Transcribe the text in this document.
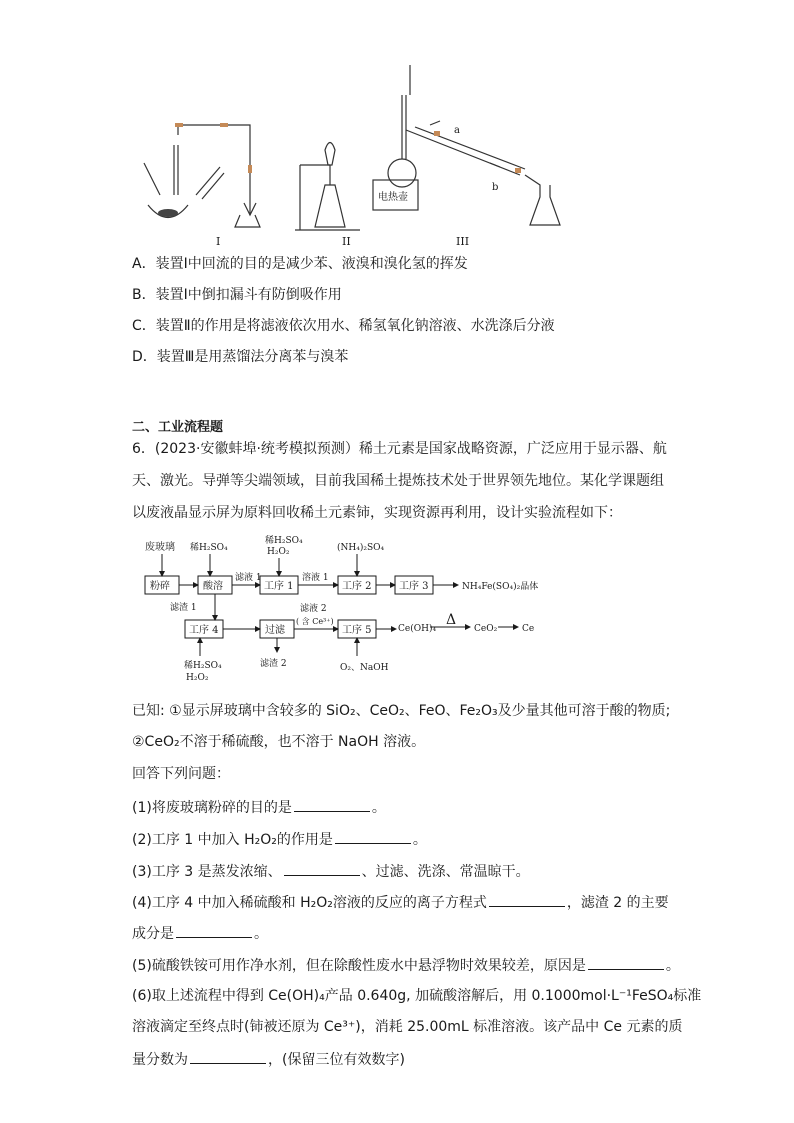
I	II	III
电热壶
a
b
A．装置Ⅰ中回流的目的是减少苯、液溴和溴化氢的挥发
B．装置Ⅰ中倒扣漏斗有防倒吸作用
C．装置Ⅱ的作用是将滤液依次用水、稀氢氧化钠溶液、水洗涤后分液
D．装置Ⅲ是用蒸馏法分离苯与溴苯
二、工业流程题
6．(2023·安徽蚌埠·统考模拟预测）稀土元素是国家战略资源，广泛应用于显示器、航
天、激光。导弹等尖端领域，目前我国稀土提炼技术处于世界领先地位。某化学课题组
以废液晶显示屏为原料回收稀土元素铈，实现资源再利用，设计实验流程如下：
废玻璃
粉碎
稀H₂SO₄
酸溶
滤液 1
稀H₂SO₄
H₂O₂
工序 1
溶液 1
(NH₄)₂SO₄
工序 2	工序 3	NH₄Fe(SO₄)₂晶体
滤渣 1
工序 4	过滤
滤液 2
( 含 Ce³⁺)
工序 5	Ce(OH)₄
Δ
CeO₂	Ce
稀H₂SO₄
H₂O₂
滤渣 2	O₂、NaOH
已知: ①显示屏玻璃中含较多的 SiO₂、CeO₂、FeO、Fe₂O₃及少量其他可溶于酸的物质;
②CeO₂不溶于稀硫酸，也不溶于 NaOH 溶液。
回答下列问题：
(1)将废玻璃粉碎的目的是	。
(2)工序 1 中加入 H₂O₂的作用是	。
(3)工序 3 是蒸发浓缩、	、过滤、洗涤、常温晾干。
(4)工序 4 中加入稀硫酸和 H₂O₂溶液的反应的离子方程式	，滤渣 2 的主要
成分是	。
(5)硫酸铁铵可用作净水剂，但在除酸性废水中悬浮物时效果较差，原因是	。
(6)取上述流程中得到 Ce(OH)₄产品 0.640g, 加硫酸溶解后，用 0.1000mol·L⁻¹FeSO₄标准
溶液滴定至终点时(铈被还原为 Ce³⁺)，消耗 25.00mL 标准溶液。该产品中 Ce 元素的质
量分数为	，(保留三位有效数字)
